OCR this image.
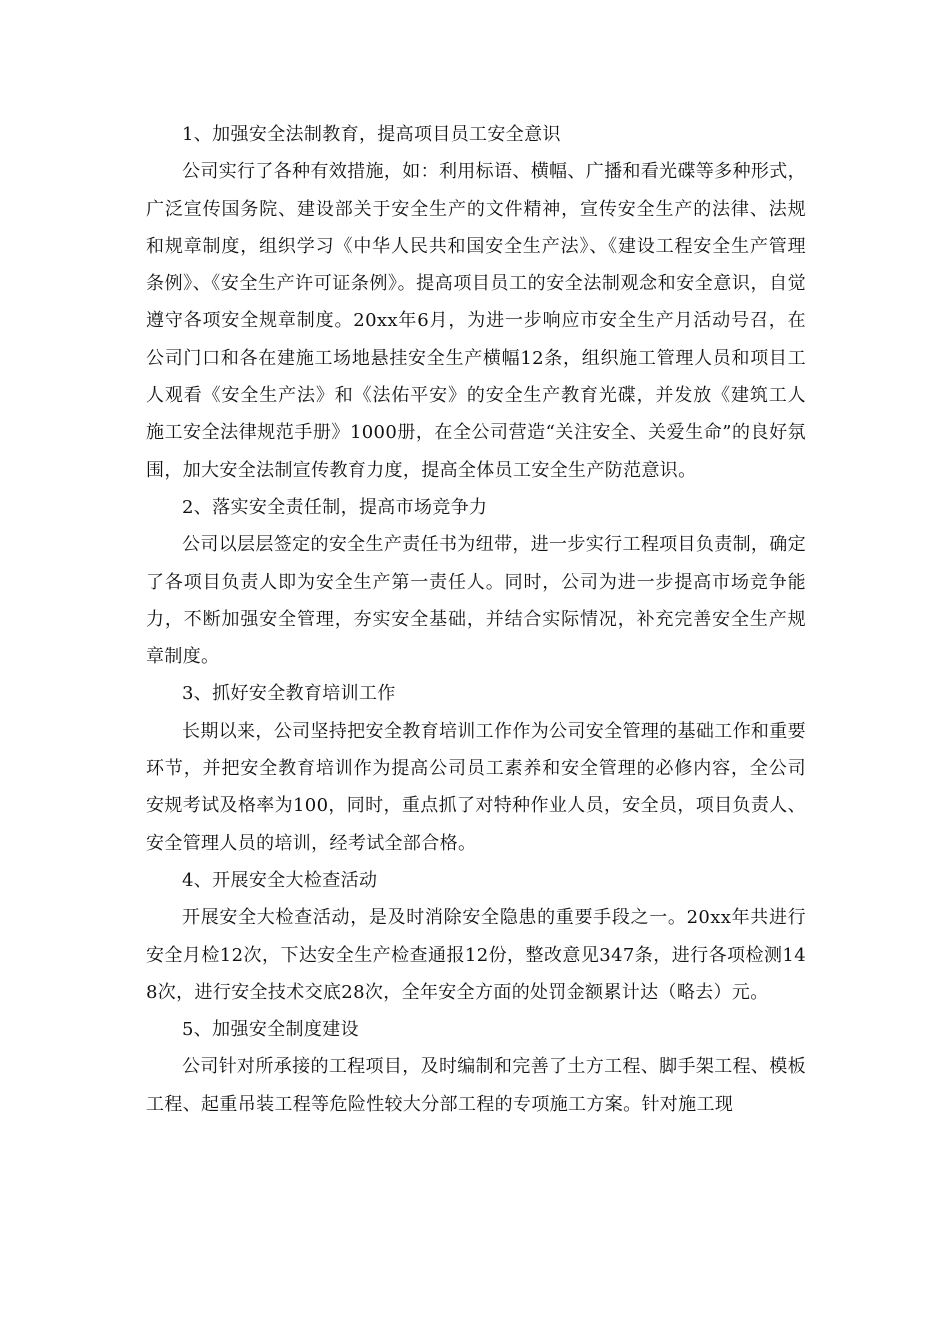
1、加强安全法制教育，提高项目员工安全意识

公司实行了各种有效措施，如：利用标语、横幅、广播和看光碟等多种形式，广泛宣传国务院、建设部关于安全生产的文件精神，宣传安全生产的法律、法规和规章制度，组织学习《中华人民共和国安全生产法》、《建设工程安全生产管理条例》、《安全生产许可证条例》。提高项目员工的安全法制观念和安全意识，自觉遵守各项安全规章制度。20xx年6月，为进一步响应市安全生产月活动号召，在公司门口和各在建施工场地悬挂安全生产横幅12条，组织施工管理人员和项目工人观看《安全生产法》和《法佑平安》的安全生产教育光碟，并发放《建筑工人施工安全法律规范手册》1000册，在全公司营造“关注安全、关爱生命”的良好氛围，加大安全法制宣传教育力度，提高全体员工安全生产防范意识。

2、落实安全责任制，提高市场竞争力

公司以层层签定的安全生产责任书为纽带，进一步实行工程项目负责制，确定了各项目负责人即为安全生产第一责任人。同时，公司为进一步提高市场竞争能力，不断加强安全管理，夯实安全基础，并结合实际情况，补充完善安全生产规章制度。

3、抓好安全教育培训工作

长期以来，公司坚持把安全教育培训工作作为公司安全管理的基础工作和重要环节，并把安全教育培训作为提高公司员工素养和安全管理的必修内容，全公司安规考试及格率为100，同时，重点抓了对特种作业人员，安全员，项目负责人、安全管理人员的培训，经考试全部合格。

4、开展安全大检查活动

开展安全大检查活动，是及时消除安全隐患的重要手段之一。20xx年共进行安全月检12次，下达安全生产检查通报12份，整改意见347条，进行各项检测148次，进行安全技术交底28次，全年安全方面的处罚金额累计达（略去）元。

5、加强安全制度建设

公司针对所承接的工程项目，及时编制和完善了土方工程、脚手架工程、模板工程、起重吊装工程等危险性较大分部工程的专项施工方案。针对施工现
